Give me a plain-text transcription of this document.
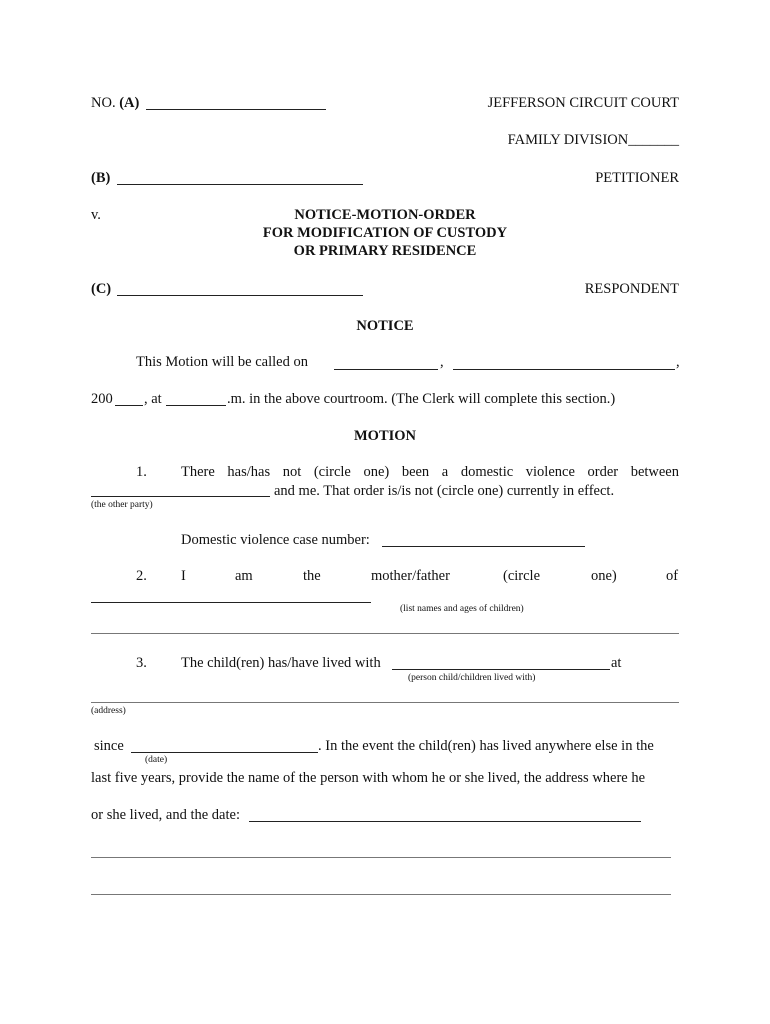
NO. (A)	JEFFERSON CIRCUIT COURT
FAMILY DIVISION_______
(B)	PETITIONER
v.	NOTICE-MOTION-ORDER
FOR MODIFICATION OF CUSTODY
OR PRIMARY RESIDENCE
(C)	RESPONDENT
NOTICE
This Motion will be called on	,	,
200 , at	.m. in the above courtroom. (The Clerk will complete this section.)
MOTION
1. There has/has not (circle one) been a domestic violence order between
and me. That order is/is not (circle one) currently in effect.
(the other party)
Domestic violence case number:
2. I	am	the	mother/father	(circle	one)	of
(list names and ages of children)
3. The child(ren) has/have lived with	at
(person child/children lived with)
(address)
since	. In the event the child(ren) has lived anywhere else in the
(date)
last five years, provide the name of the person with whom he or she lived, the address where he
or she lived, and the date:
